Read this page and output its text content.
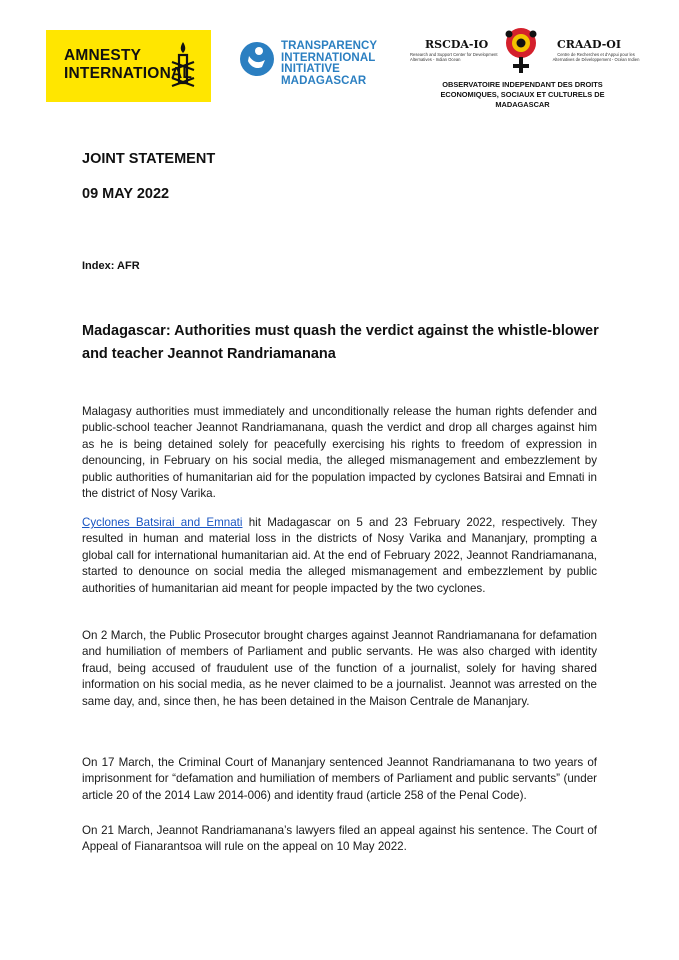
AMNESTY
INTERNATIONAL
TRANSPARENCY
INTERNATIONAL
INITIATIVE
MADAGASCAR
RSCDA-IO
Research and Support Center for Development Alternatives - Indian Ocean
CRAAD-OI
Centre de Recherches et d'Appui pour les Alternatives de Développement - Océan Indien
OBSERVATOIRE INDEPENDANT DES DROITS ECONOMIQUES, SOCIAUX ET CULTURELS DE MADAGASCAR
JOINT STATEMENT
09 MAY 2022
Index: AFR
Madagascar: Authorities must quash the verdict against the whistle-blower and teacher Jeannot Randriamanana

Malagasy authorities must immediately and unconditionally release the human rights defender and public-school teacher Jeannot Randriamanana, quash the verdict and drop all charges against him as he is being detained solely for peacefully exercising his rights to freedom of expression in denouncing, in February on his social media, the alleged mismanagement and embezzlement by public authorities of humanitarian aid for the population impacted by cyclones Batsirai and Emnati in the district of Nosy Varika.

Cyclones Batsirai and Emnati hit Madagascar on 5 and 23 February 2022, respectively. They resulted in human and material loss in the districts of Nosy Varika and Mananjary, prompting a global call for international humanitarian aid. At the end of February 2022, Jeannot Randriamanana, started to denounce on social media the alleged mismanagement and embezzlement by public authorities of humanitarian aid meant for people impacted by the two cyclones.

On 2 March, the Public Prosecutor brought charges against Jeannot Randriamanana for defamation and humiliation of members of Parliament and public servants. He was also charged with identity fraud, being accused of fraudulent use of the function of a journalist, solely for having shared information on his social media, as he never claimed to be a journalist. Jeannot was arrested on the same day, and, since then, he has been detained in the Maison Centrale de Mananjary.

On 17 March, the Criminal Court of Mananjary sentenced Jeannot Randriamanana to two years of imprisonment for “defamation and humiliation of members of Parliament and public servants” (under article 20 of the 2014 Law 2014-006) and identity fraud (article 258 of the Penal Code).

On 21 March, Jeannot Randriamanana’s lawyers filed an appeal against his sentence. The Court of Appeal of Fianarantsoa will rule on the appeal on 10 May 2022.
